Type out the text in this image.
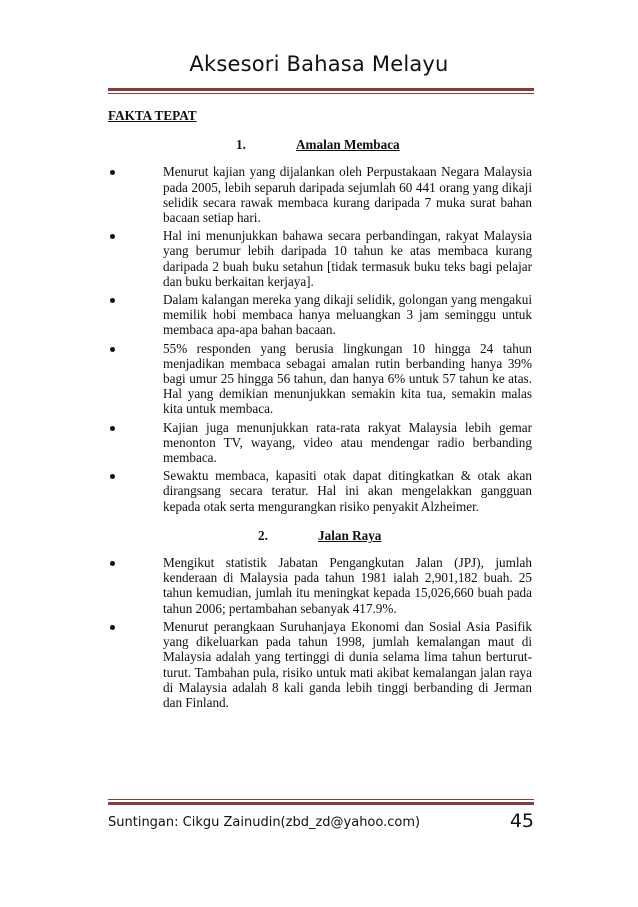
Aksesori Bahasa Melayu
FAKTA TEPAT
1.	Amalan Membaca
Menurut kajian yang dijalankan oleh Perpustakaan Negara Malaysia pada 2005, lebih separuh daripada sejumlah 60 441 orang yang dikaji selidik secara rawak membaca kurang daripada 7 muka surat bahan bacaan setiap hari.
Hal ini menunjukkan bahawa secara perbandingan, rakyat Malaysia yang berumur lebih daripada 10 tahun ke atas membaca kurang daripada 2 buah buku setahun [tidak termasuk buku teks bagi pelajar dan buku berkaitan kerjaya].
Dalam kalangan mereka yang dikaji selidik, golongan yang mengakui memilik hobi membaca hanya meluangkan 3 jam seminggu untuk membaca apa-apa bahan bacaan.
55% responden yang berusia lingkungan 10 hingga 24 tahun menjadikan membaca sebagai amalan rutin berbanding hanya 39% bagi umur 25 hingga 56 tahun, dan hanya 6% untuk 57 tahun ke atas. Hal yang demikian menunjukkan semakin kita tua, semakin malas kita untuk membaca.
Kajian juga menunjukkan rata-rata rakyat Malaysia lebih gemar menonton TV, wayang, video atau mendengar radio berbanding membaca.
Sewaktu membaca, kapasiti otak dapat ditingkatkan & otak akan dirangsang secara teratur. Hal ini akan mengelakkan gangguan kepada otak serta mengurangkan risiko penyakit Alzheimer.
2.	Jalan Raya
Mengikut statistik Jabatan Pengangkutan Jalan (JPJ), jumlah kenderaan di Malaysia pada tahun 1981 ialah 2,901,182 buah. 25 tahun kemudian, jumlah itu meningkat kepada 15,026,660 buah pada tahun 2006; pertambahan sebanyak 417.9%.
Menurut perangkaan Suruhanjaya Ekonomi dan Sosial Asia Pasifik yang dikeluarkan pada tahun 1998, jumlah kemalangan maut di Malaysia adalah yang tertinggi di dunia selama lima tahun berturut-turut. Tambahan pula, risiko untuk mati akibat kemalangan jalan raya di Malaysia adalah 8 kali ganda lebih tinggi berbanding di Jerman dan Finland.
Suntingan: Cikgu Zainudin(zbd_zd@yahoo.com)	45
